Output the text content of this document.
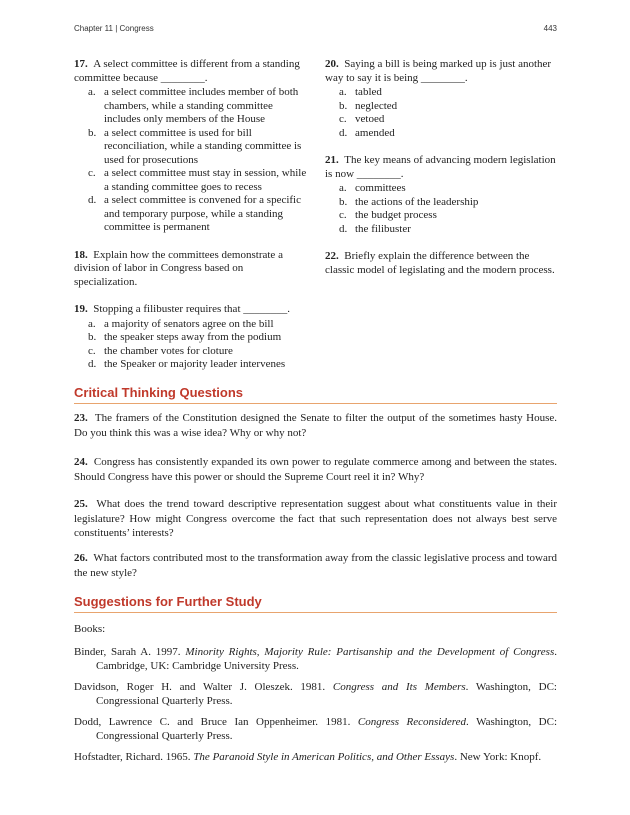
Chapter 11 | Congress	443

17. A select committee is different from a standing committee because ________.

a. a select committee includes member of both chambers, while a standing committee includes only members of the House
b. a select committee is used for bill reconciliation, while a standing committee is used for prosecutions
c. a select committee must stay in session, while a standing committee goes to recess
d. a select committee is convened for a specific and temporary purpose, while a standing committee is permanent

18. Explain how the committees demonstrate a division of labor in Congress based on specialization.

19. Stopping a filibuster requires that ________.

a. a majority of senators agree on the bill
b. the speaker steps away from the podium
c. the chamber votes for cloture
d. the Speaker or majority leader intervenes

20. Saying a bill is being marked up is just another way to say it is being ________.

a. tabled
b. neglected
c. vetoed
d. amended

21. The key means of advancing modern legislation is now ________.

a. committees
b. the actions of the leadership
c. the budget process
d. the filibuster

22. Briefly explain the difference between the classic model of legislating and the modern process.

Critical Thinking Questions

23. The framers of the Constitution designed the Senate to filter the output of the sometimes hasty House. Do you think this was a wise idea? Why or why not?

24. Congress has consistently expanded its own power to regulate commerce among and between the states. Should Congress have this power or should the Supreme Court reel it in? Why?

25. What does the trend toward descriptive representation suggest about what constituents value in their legislature? How might Congress overcome the fact that such representation does not always best serve constituents’ interests?

26. What factors contributed most to the transformation away from the classic legislative process and toward the new style?

Suggestions for Further Study

Books:

Binder, Sarah A. 1997. Minority Rights, Majority Rule: Partisanship and the Development of Congress. Cambridge, UK: Cambridge University Press.

Davidson, Roger H. and Walter J. Oleszek. 1981. Congress and Its Members. Washington, DC: Congressional Quarterly Press.

Dodd, Lawrence C. and Bruce Ian Oppenheimer. 1981. Congress Reconsidered. Washington, DC: Congressional Quarterly Press.

Hofstadter, Richard. 1965. The Paranoid Style in American Politics, and Other Essays. New York: Knopf.
